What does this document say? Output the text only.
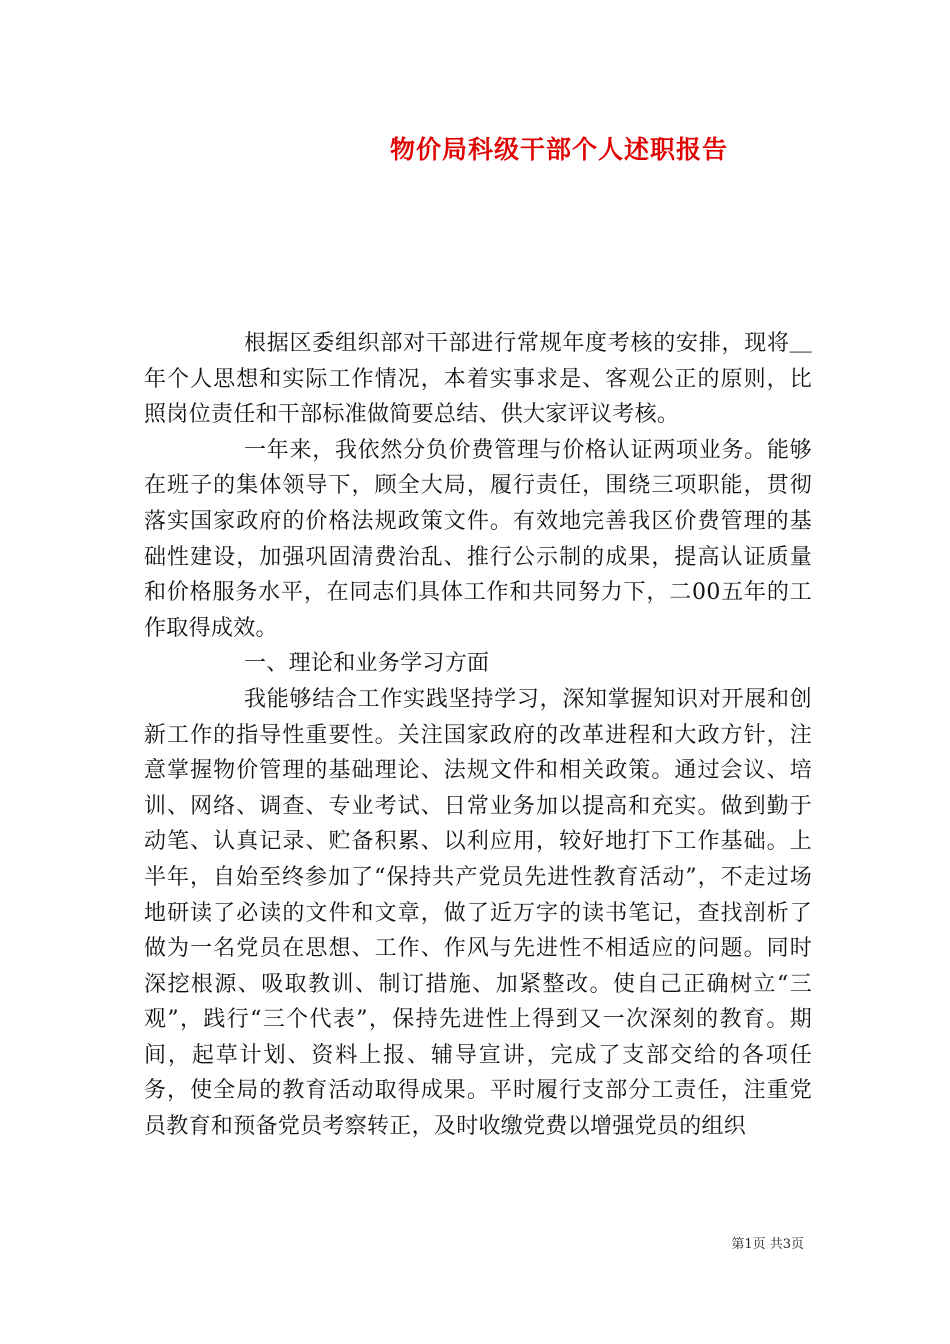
物价局科级干部个人述职报告

根据区委组织部对干部进行常规年度考核的安排，现将＿年个人思想和实际工作情况，本着实事求是、客观公正的原则，比照岗位责任和干部标准做简要总结、供大家评议考核。

一年来，我依然分负价费管理与价格认证两项业务。能够在班子的集体领导下，顾全大局，履行责任，围绕三项职能，贯彻落实国家政府的价格法规政策文件。有效地完善我区价费管理的基础性建设，加强巩固清费治乱、推行公示制的成果，提高认证质量和价格服务水平，在同志们具体工作和共同努力下，二00五年的工作取得成效。

一、理论和业务学习方面

我能够结合工作实践坚持学习，深知掌握知识对开展和创新工作的指导性重要性。关注国家政府的改革进程和大政方针，注意掌握物价管理的基础理论、法规文件和相关政策。通过会议、培训、网络、调查、专业考试、日常业务加以提高和充实。做到勤于动笔、认真记录、贮备积累、以利应用，较好地打下工作基础。上半年，自始至终参加了“保持共产党员先进性教育活动”，不走过场地研读了必读的文件和文章，做了近万字的读书笔记，查找剖析了做为一名党员在思想、工作、作风与先进性不相适应的问题。同时深挖根源、吸取教训、制订措施、加紧整改。使自己正确树立“三观”，践行“三个代表”，保持先进性上得到又一次深刻的教育。期间，起草计划、资料上报、辅导宣讲，完成了支部交给的各项任务，使全局的教育活动取得成果。平时履行支部分工责任，注重党员教育和预备党员考察转正，及时收缴党费以增强党员的组织

第1页 共3页
